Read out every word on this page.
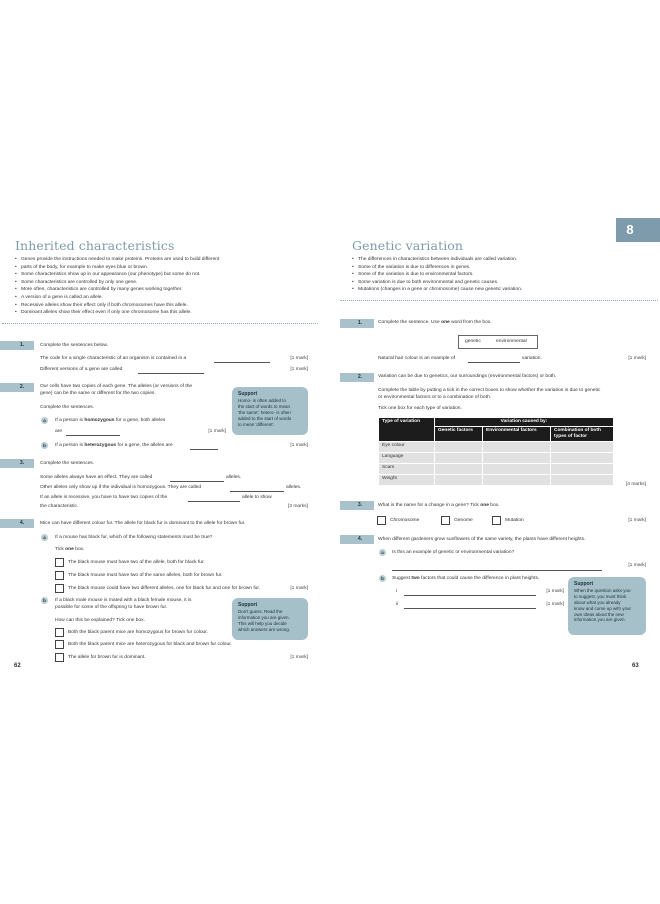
8
Inherited characteristics
• Genes provide the instructions needed to make proteins. Proteins are used to build different
• parts of the body, for example to make eyes blue or brown.
• Some characteristics show up in our appearance (our phenotype) but some do not.
• Some characteristics are controlled by only one gene.
• More often, characteristics are controlled by many genes working together.
• A version of a gene is called an allele.
• Recessive alleles show their effect only if both chromosomes have this allele.
• Dominant alleles show their effect even if only one chromosome has this allele.
1.	Complete the sentences below.
The code for a single characteristic of an organism is contained in a	[1 mark]
Different versions of a gene are called	[1 mark]
2.	Our cells have two copies of each gene. The alleles (or versions of the
gene) can be the same or different for the two copies.
Complete the sentences.
a	If a person is homozygous for a gene, both alleles
are	[1 mark]
b	If a person is heterozygous for a gene, the alleles are	[1 mark]
Support
Homo- is often added to
the start of words to mean
'the same'; hetero- is often
added to the start of words
to mean 'different'.
3.	Complete the sentences.
Some alleles always have an effect. They are called	alleles.
Other alleles only show up if the individual is homozygous. They are called	alleles.
If an allele is recessive, you have to have two copies of the	allele to show
the characteristic.	[3 marks]
4.	Mice can have different colour fur. The allele for black fur is dominant to the allele for brown fur.
a	If a mouse has black fur, which of the following statements must be true?
Tick one box.
The black mouse must have two of the allele, both for black fur.
The black mouse must have two of the same alleles, both for brown fur.
The black mouse could have two different alleles, one for black fur and one for brown fur.	[1 mark]
b	If a black male mouse is mated with a black female mouse, it is
possible for some of the offspring to have brown fur.
How can this be explained? Tick one box.
Both the black parent mice are homozygous for brown fur colour.
Both the black parent mice are heterozygous for black and brown fur colour.
The allele for brown fur is dominant.	[1 mark]
Support
Don't guess. Read the
information you are given.
This will help you decide
which answers are wrong.
62
Genetic variation
• The differences in characteristics between individuals are called variation.
• Some of the variation is due to differences in genes.
• Some of the variation is due to environmental factors.
• Some variation is due to both environmental and genetic causes.
• Mutations (changes in a gene or chromosome) cause new genetic variation.
1.	Complete the sentence. Use one word from the box.
genetic	environmental
Natural hair colour is an example of	variation.	[1 mark]
2.	Variation can be due to genetics, our surroundings (environmental factors) or both.
Complete the table by putting a tick in the correct boxes to show whether the variation is due to genetic
or environmental factors or to a combination of both.
Tick one box for each type of variation.
Type of variation	Variation caused by:		
	Genetic factors	Environmental factors	Combination of both types of factor
Eye colour			
Language			
Scars			
Weight			
[4 marks]
3.	What is the name for a change in a gene? Tick one box.
Chromosome	Genome	Mutation	[1 mark]
4.	When different gardeners grow sunflowers of the same variety, the plants have different heights.
a	Is this an example of genetic or environmental variation?
[1 mark]
b	Suggest two factors that could cause the difference in plant heights.
i	[1 mark]
ii	[1 mark]
Support
When the question asks you
to suggest, you must think
about what you already
know and come up with your
own ideas about the new
information you are given.
63
